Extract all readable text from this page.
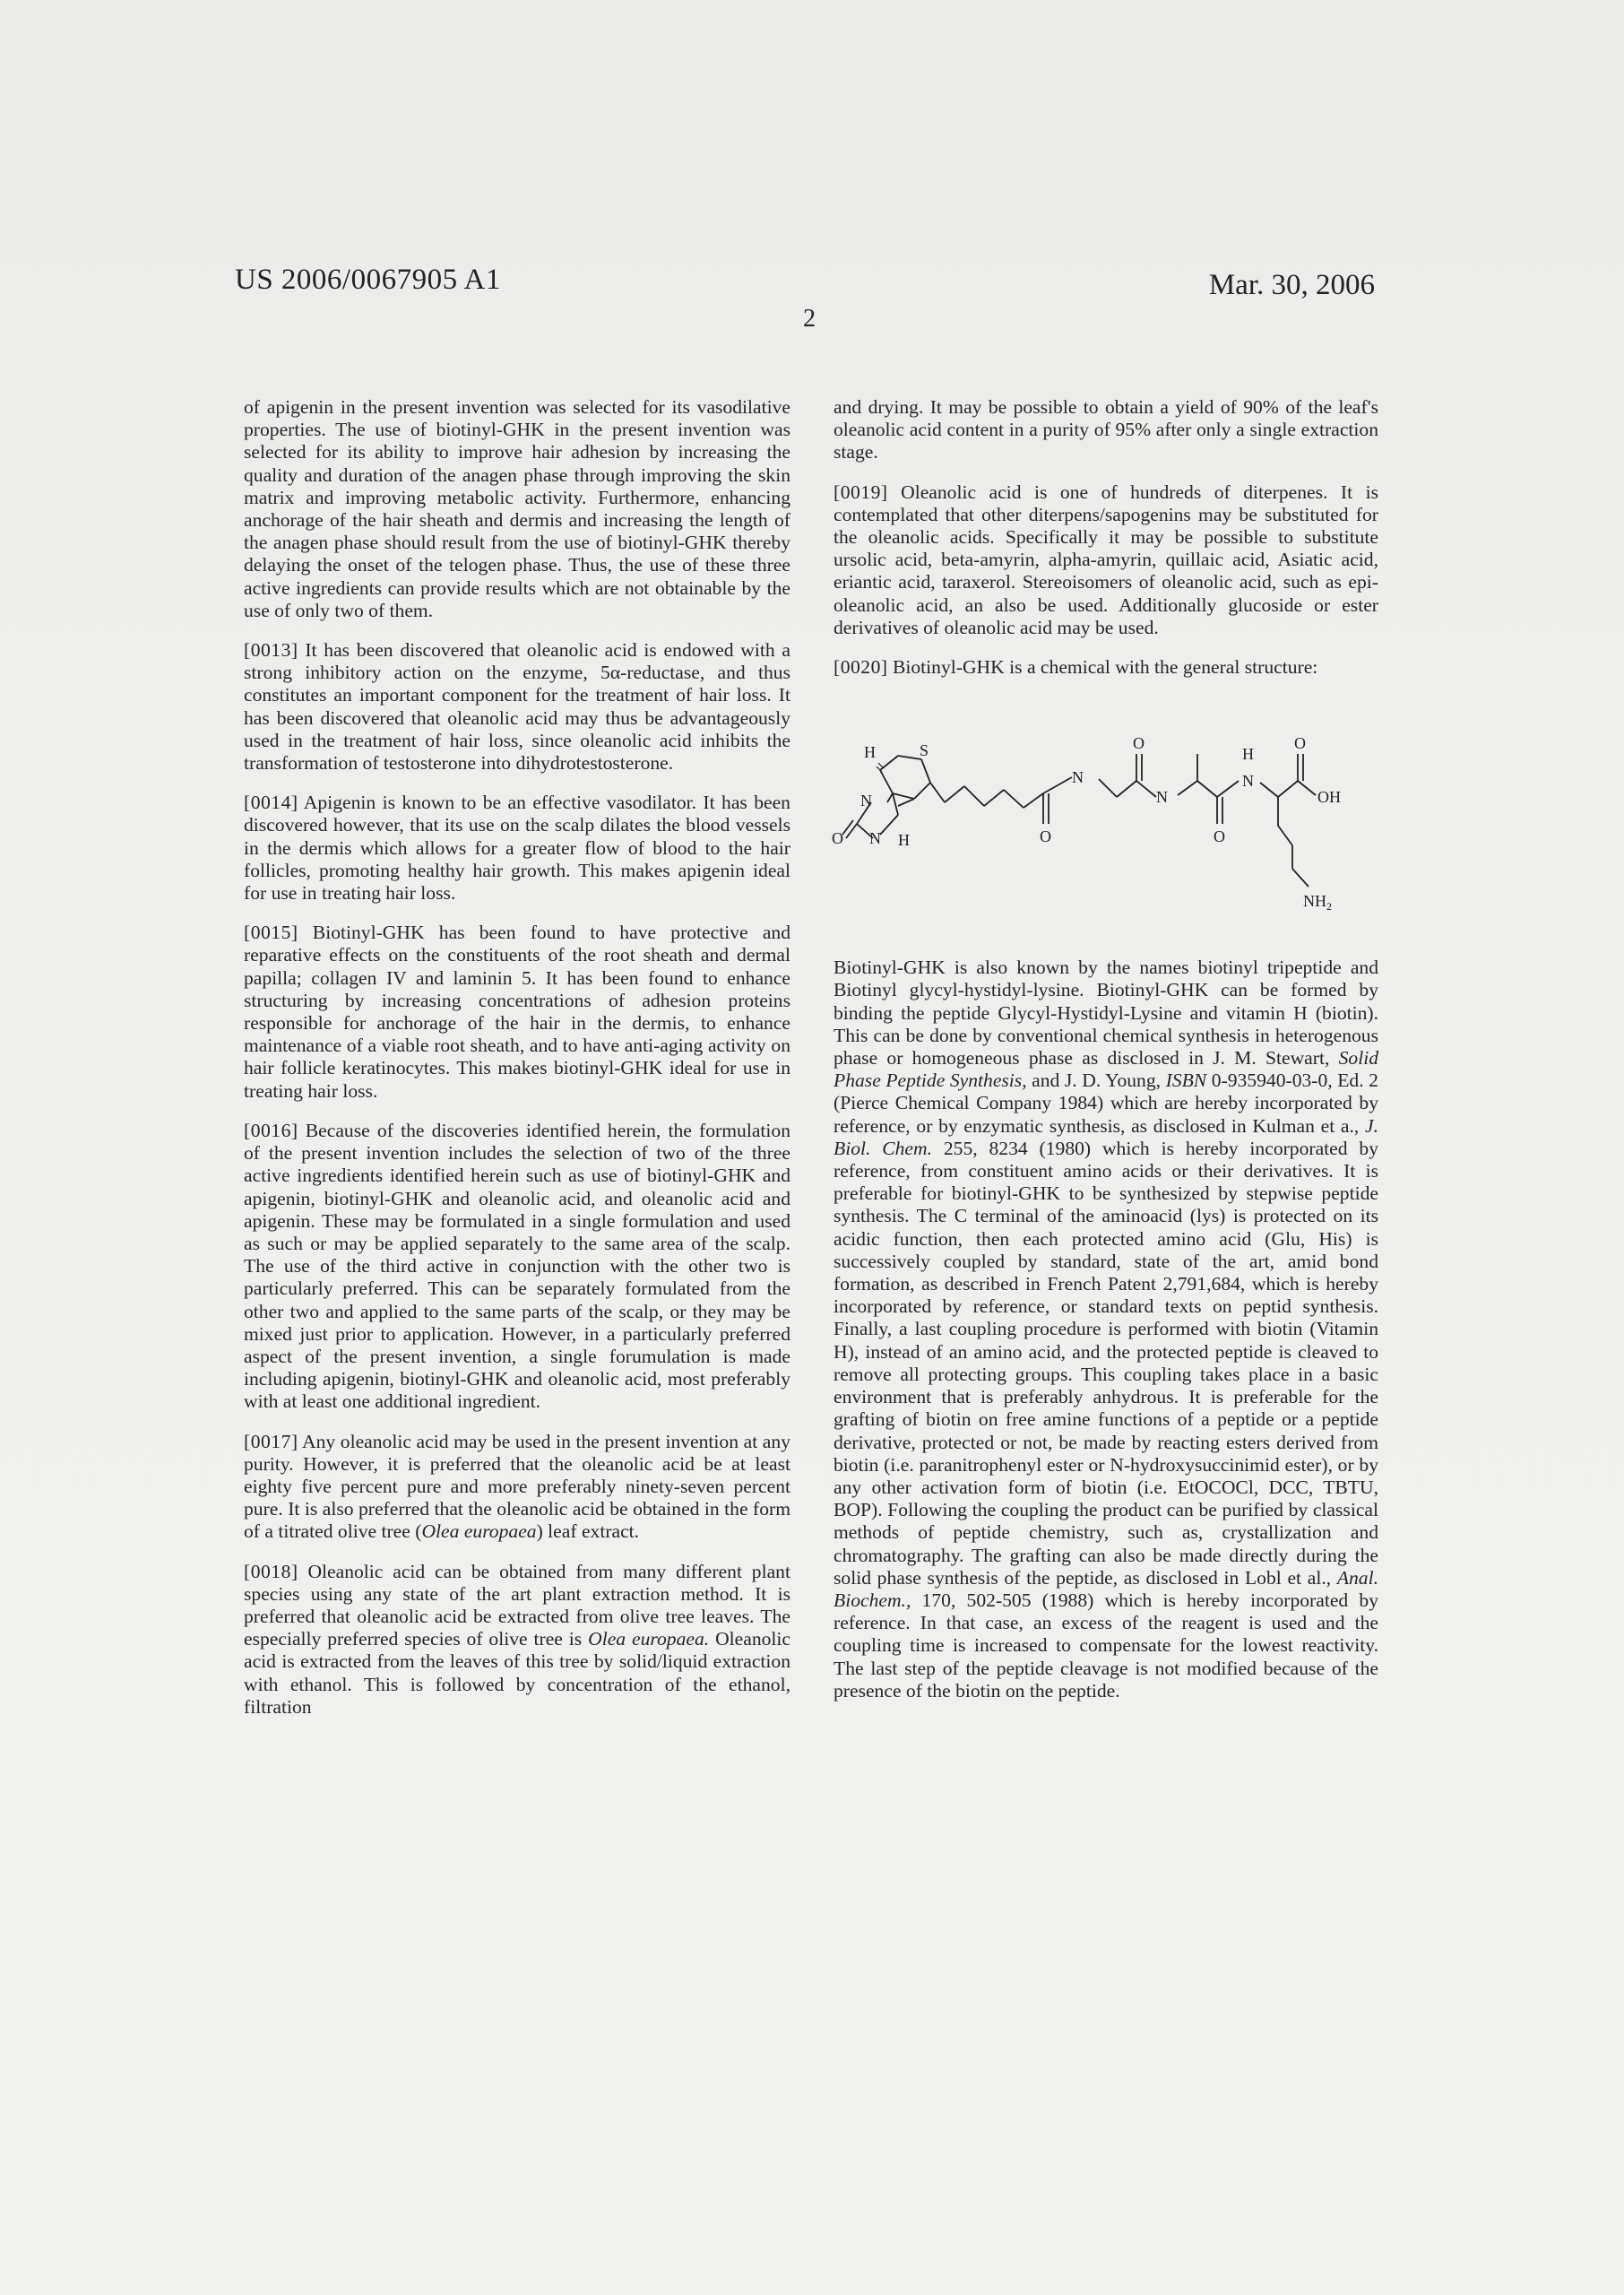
US 2006/0067905 A1	Mar. 30, 2006
2

of apigenin in the present invention was selected for its vasodilative properties. The use of biotinyl-GHK in the present invention was selected for its ability to improve hair adhesion by increasing the quality and duration of the anagen phase through improving the skin matrix and improving metabolic activity. Furthermore, enhancing anchorage of the hair sheath and dermis and increasing the length of the anagen phase should result from the use of biotinyl-GHK thereby delaying the onset of the telogen phase. Thus, the use of these three active ingredients can provide results which are not obtainable by the use of only two of them.

[0013] It has been discovered that oleanolic acid is endowed with a strong inhibitory action on the enzyme, 5α-reductase, and thus constitutes an important component for the treatment of hair loss. It has been discovered that oleanolic acid may thus be advantageously used in the treatment of hair loss, since oleanolic acid inhibits the transformation of testosterone into dihydrotestosterone.

[0014] Apigenin is known to be an effective vasodilator. It has been discovered however, that its use on the scalp dilates the blood vessels in the dermis which allows for a greater flow of blood to the hair follicles, promoting healthy hair growth. This makes apigenin ideal for use in treating hair loss.

[0015] Biotinyl-GHK has been found to have protective and reparative effects on the constituents of the root sheath and dermal papilla; collagen IV and laminin 5. It has been found to enhance structuring by increasing concentrations of adhesion proteins responsible for anchorage of the hair in the dermis, to enhance maintenance of a viable root sheath, and to have anti-aging activity on hair follicle keratinocytes. This makes biotinyl-GHK ideal for use in treating hair loss.

[0016] Because of the discoveries identified herein, the formulation of the present invention includes the selection of two of the three active ingredients identified herein such as use of biotinyl-GHK and apigenin, biotinyl-GHK and oleanolic acid, and oleanolic acid and apigenin. These may be formulated in a single formulation and used as such or may be applied separately to the same area of the scalp. The use of the third active in conjunction with the other two is particularly preferred. This can be separately formulated from the other two and applied to the same parts of the scalp, or they may be mixed just prior to application. However, in a particularly preferred aspect of the present invention, a single forumulation is made including apigenin, biotinyl-GHK and oleanolic acid, most preferably with at least one additional ingredient.

[0017] Any oleanolic acid may be used in the present invention at any purity. However, it is preferred that the oleanolic acid be at least eighty five percent pure and more preferably ninety-seven percent pure. It is also preferred that the oleanolic acid be obtained in the form of a titrated olive tree (Olea europaea) leaf extract.

[0018] Oleanolic acid can be obtained from many different plant species using any state of the art plant extraction method. It is preferred that oleanolic acid be extracted from olive tree leaves. The especially preferred species of olive tree is Olea europaea. Oleanolic acid is extracted from the leaves of this tree by solid/liquid extraction with ethanol. This is followed by concentration of the ethanol, filtration

and drying. It may be possible to obtain a yield of 90% of the leaf's oleanolic acid content in a purity of 95% after only a single extraction stage.

[0019] Oleanolic acid is one of hundreds of diterpenes. It is contemplated that other diterpens/sapogenins may be substituted for the oleanolic acids. Specifically it may be possible to substitute ursolic acid, beta-amyrin, alpha-amyrin, quillaic acid, Asiatic acid, eriantic acid, taraxerol. Stereoisomers of oleanolic acid, such as epi-oleanolic acid, an also be used. Additionally glucoside or ester derivatives of oleanolic acid may be used.

[0020] Biotinyl-GHK is a chemical with the general structure:

H	S
N
N H
O
N
N
H
N
O
O
O
O
OH
$NH_2$

Biotinyl-GHK is also known by the names biotinyl tripeptide and Biotinyl glycyl-hystidyl-lysine. Biotinyl-GHK can be formed by binding the peptide Glycyl-Hystidyl-Lysine and vitamin H (biotin). This can be done by conventional chemical synthesis in heterogenous phase or homogeneous phase as disclosed in J. M. Stewart, Solid Phase Peptide Synthesis, and J. D. Young, ISBN 0-935940-03-0, Ed. 2 (Pierce Chemical Company 1984) which are hereby incorporated by reference, or by enzymatic synthesis, as disclosed in Kulman et a., J. Biol. Chem. 255, 8234 (1980) which is hereby incorporated by reference, from constituent amino acids or their derivatives. It is preferable for biotinyl-GHK to be synthesized by stepwise peptide synthesis. The C terminal of the aminoacid (lys) is protected on its acidic function, then each protected amino acid (Glu, His) is successively coupled by standard, state of the art, amid bond formation, as described in French Patent 2,791,684, which is hereby incorporated by reference, or standard texts on peptid synthesis. Finally, a last coupling procedure is performed with biotin (Vitamin H), instead of an amino acid, and the protected peptide is cleaved to remove all protecting groups. This coupling takes place in a basic environment that is preferably anhydrous. It is preferable for the grafting of biotin on free amine functions of a peptide or a peptide derivative, protected or not, be made by reacting esters derived from biotin (i.e. paranitrophenyl ester or N-hydroxysuccinimid ester), or by any other activation form of biotin (i.e. EtOCOCl, DCC, TBTU, BOP). Following the coupling the product can be purified by classical methods of peptide chemistry, such as, crystallization and chromatography. The grafting can also be made directly during the solid phase synthesis of the peptide, as disclosed in Lobl et al., Anal. Biochem., 170, 502-505 (1988) which is hereby incorporated by reference. In that case, an excess of the reagent is used and the coupling time is increased to compensate for the lowest reactivity. The last step of the peptide cleavage is not modified because of the presence of the biotin on the peptide.
